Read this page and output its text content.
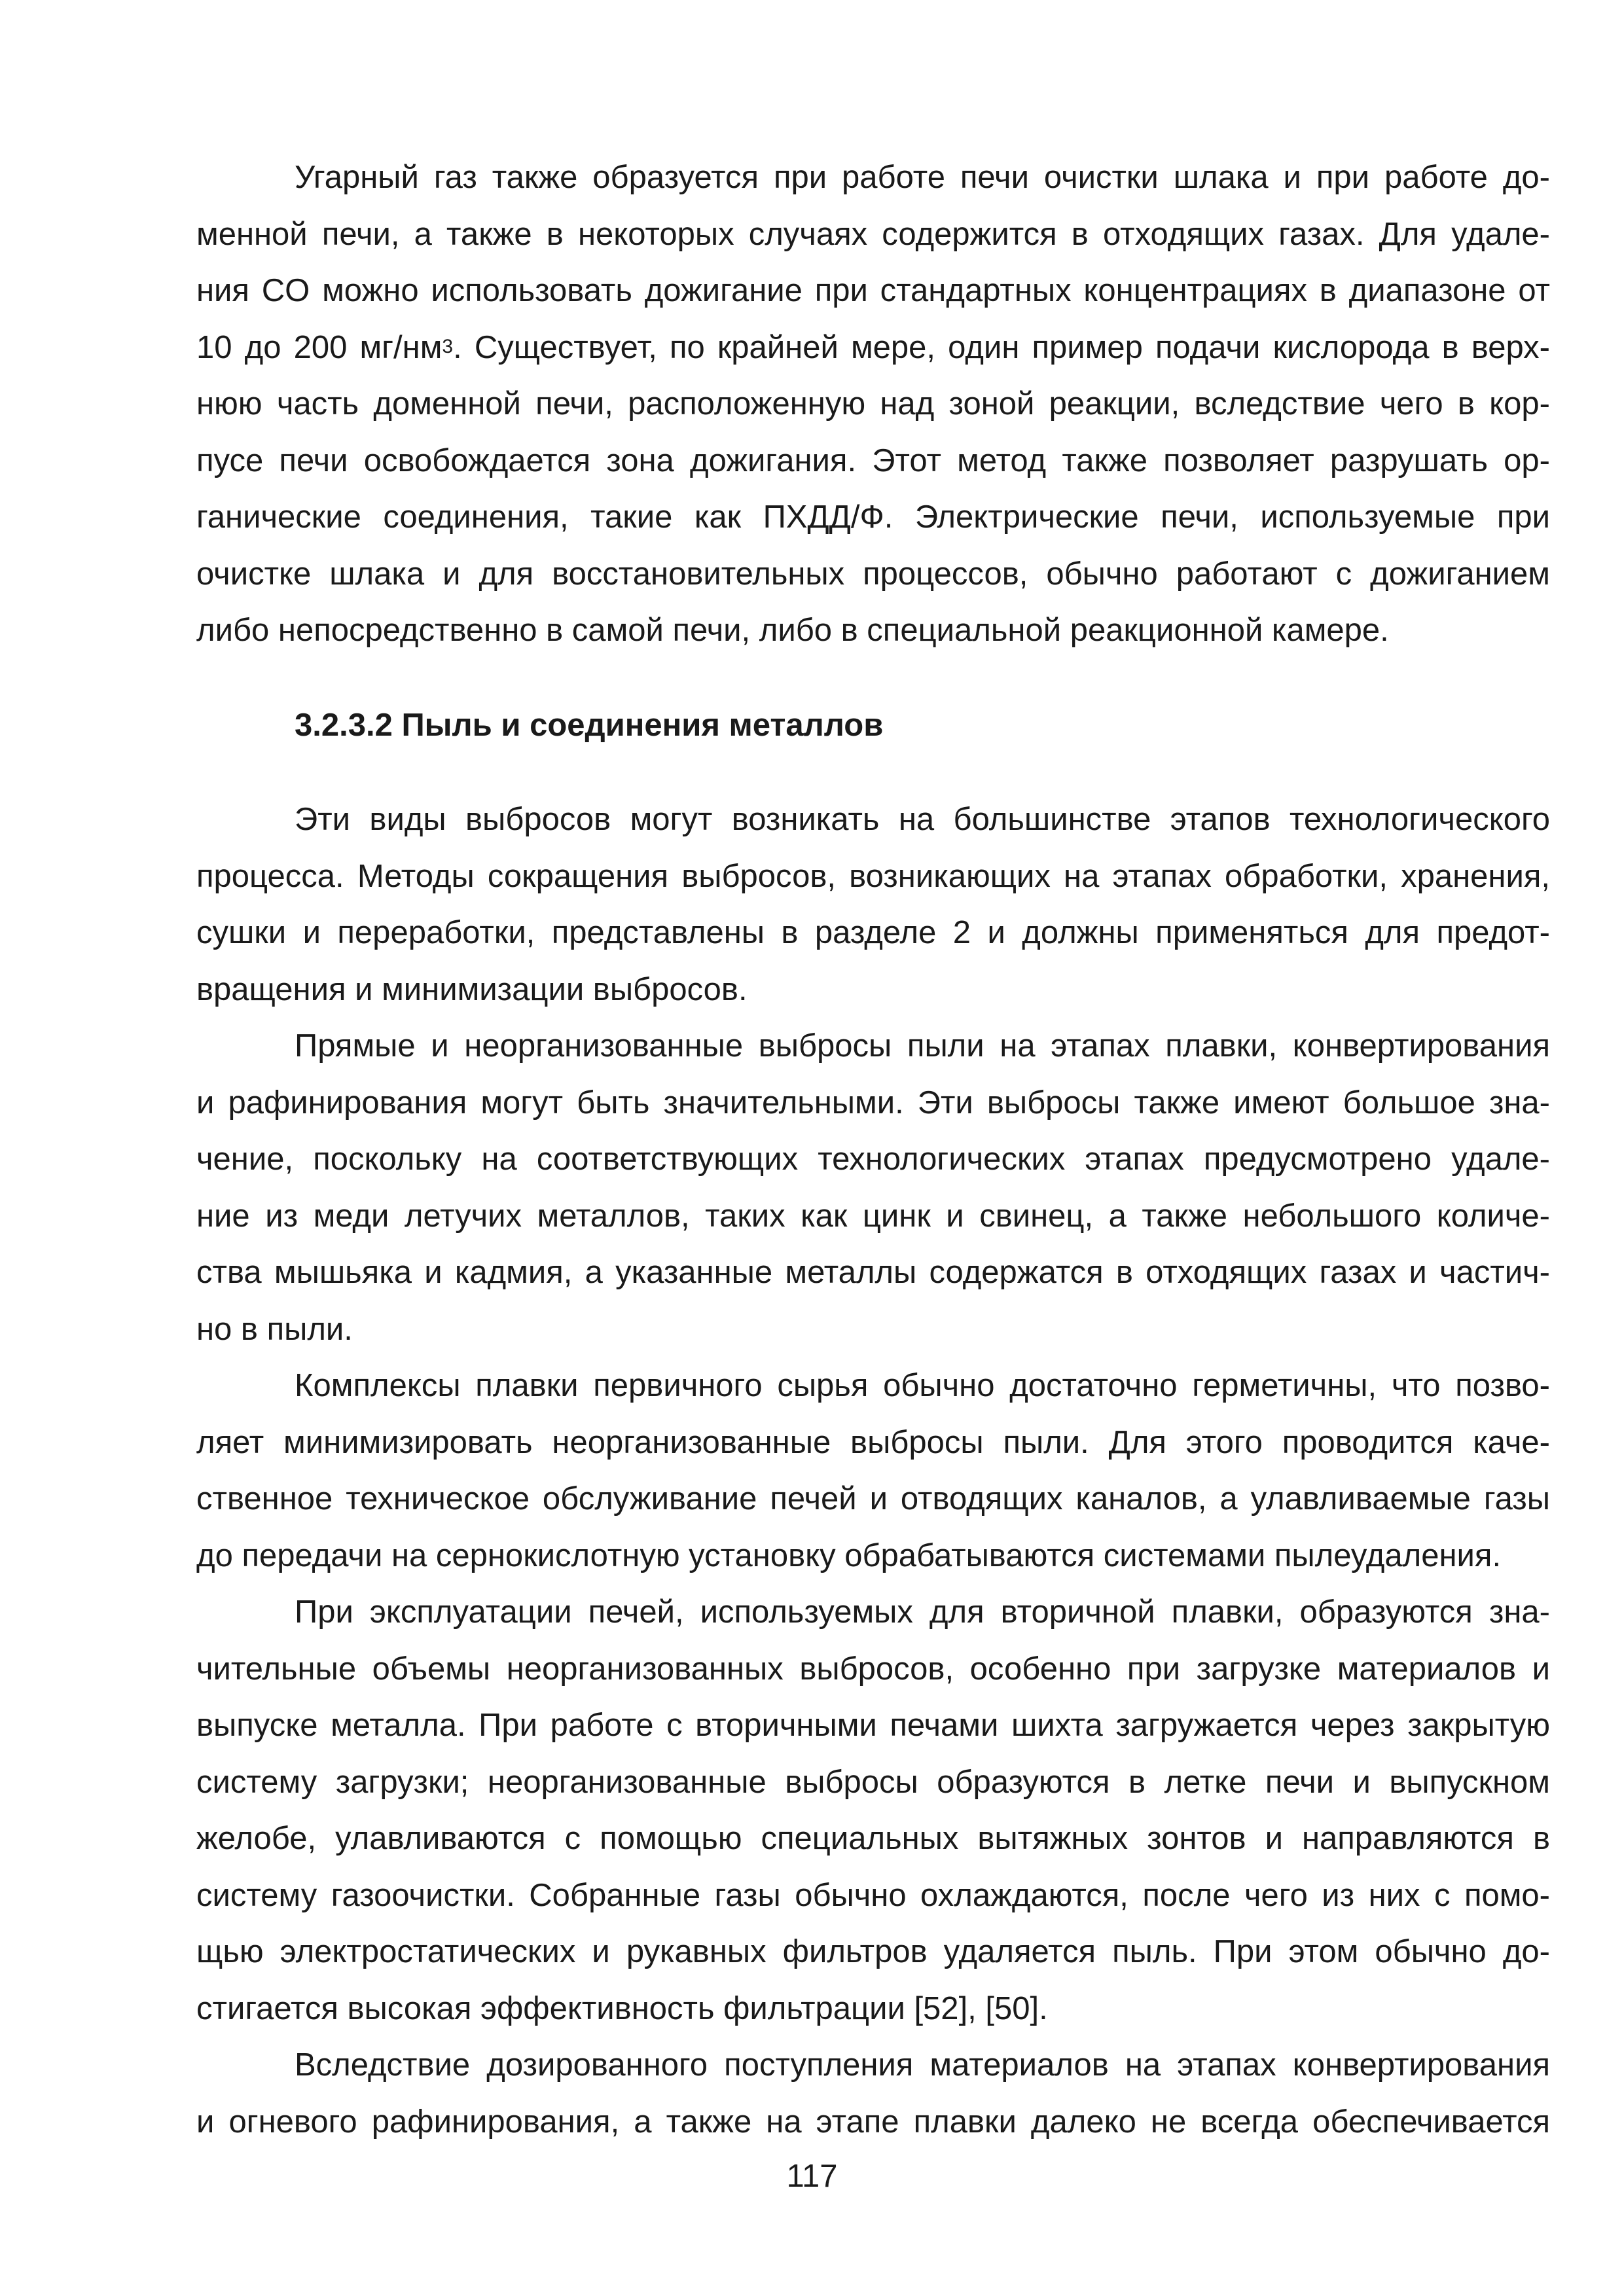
Угарный газ также образуется при работе печи очистки шлака и при работе до-
менной печи, а также в некоторых случаях содержится в отходящих газах. Для удале-
ния CO можно использовать дожигание при стандартных концентрациях в диапазоне от
10 до 200 $мг/нм^3$. Существует, по крайней мере, один пример подачи кислорода в верх-
нюю часть доменной печи, расположенную над зоной реакции, вследствие чего в кор-
пусе печи освобождается зона дожигания. Этот метод также позволяет разрушать ор-
ганические соединения, такие как ПХДД/Ф. Электрические печи, используемые при
очистке шлака и для восстановительных процессов, обычно работают с дожиганием
либо непосредственно в самой печи, либо в специальной реакционной камере.
3.2.3.2 Пыль и соединения металлов
Эти виды выбросов могут возникать на большинстве этапов технологического
процесса. Методы сокращения выбросов, возникающих на этапах обработки, хранения,
сушки и переработки, представлены в разделе 2 и должны применяться для предот-
вращения и минимизации выбросов.
Прямые и неорганизованные выбросы пыли на этапах плавки, конвертирования
и рафинирования могут быть значительными. Эти выбросы также имеют большое зна-
чение, поскольку на соответствующих технологических этапах предусмотрено удале-
ние из меди летучих металлов, таких как цинк и свинец, а также небольшого количе-
ства мышьяка и кадмия, а указанные металлы содержатся в отходящих газах и частич-
но в пыли.
Комплексы плавки первичного сырья обычно достаточно герметичны, что позво-
ляет минимизировать неорганизованные выбросы пыли. Для этого проводится каче-
ственное техническое обслуживание печей и отводящих каналов, а улавливаемые газы
до передачи на сернокислотную установку обрабатываются системами пылеудаления.
При эксплуатации печей, используемых для вторичной плавки, образуются зна-
чительные объемы неорганизованных выбросов, особенно при загрузке материалов и
выпуске металла. При работе с вторичными печами шихта загружается через закрытую
систему загрузки; неорганизованные выбросы образуются в летке печи и выпускном
желобе, улавливаются с помощью специальных вытяжных зонтов и направляются в
систему газоочистки. Собранные газы обычно охлаждаются, после чего из них с помо-
щью электростатических и рукавных фильтров удаляется пыль. При этом обычно до-
стигается высокая эффективность фильтрации [52], [50].
Вследствие дозированного поступления материалов на этапах конвертирования
и огневого рафинирования, а также на этапе плавки далеко не всегда обеспечивается
117
